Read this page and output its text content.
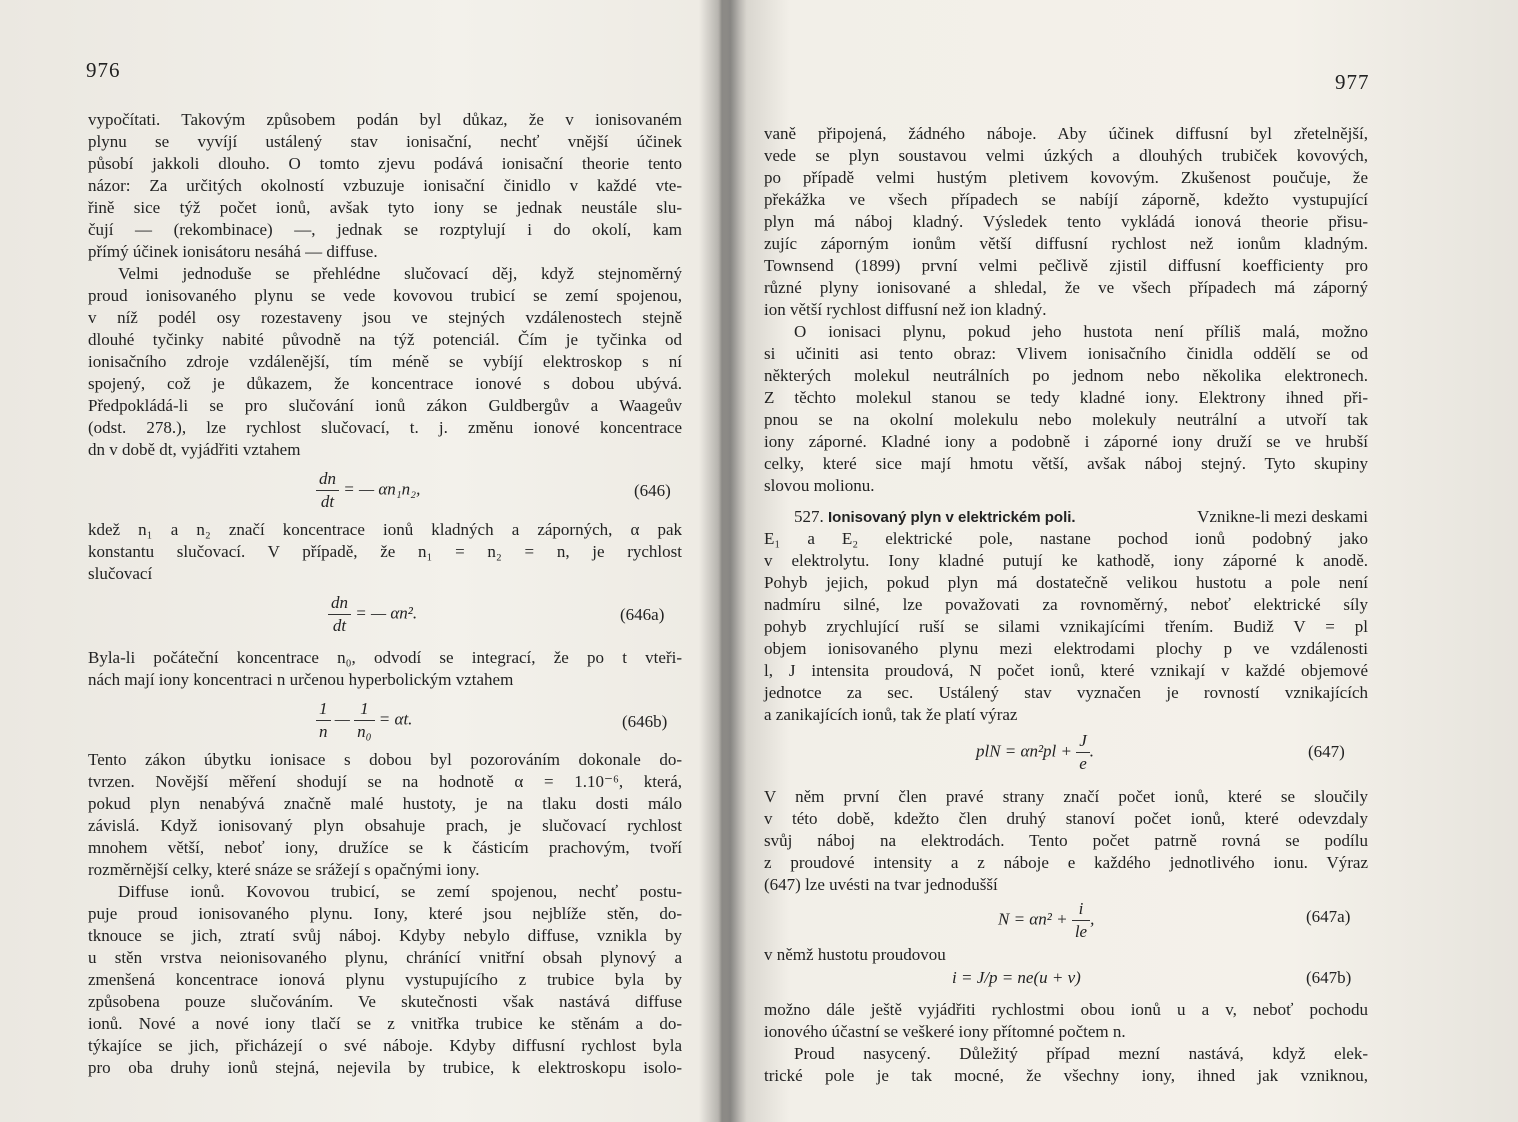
976
vypočítati. Takovým způsobem podán byl důkaz, že v ionisovaném
plynu se vyvíjí ustálený stav ionisační, nechť vnější účinek
působí jakkoli dlouho. O tomto zjevu podává ionisační theorie tento
názor: Za určitých okolností vzbuzuje ionisační činidlo v každé vte-
řině sice týž počet ionů, avšak tyto iony se jednak neustále slu-
čují — (rekombinace) —, jednak se rozptylují i do okolí, kam
přímý účinek ionisátoru nesáhá — diffuse.
Velmi jednoduše se přehlédne slučovací děj, když stejnoměrný
proud ionisovaného plynu se vede kovovou trubicí se zemí spojenou,
v níž podél osy rozestaveny jsou ve stejných vzdálenostech stejně
dlouhé tyčinky nabité původně na týž potenciál. Čím je tyčinka od
ionisačního zdroje vzdálenější, tím méně se vybíjí elektroskop s ní
spojený, což je důkazem, že koncentrace ionové s dobou ubývá.
Předpokládá-li se pro slučování ionů zákon Guldbergův a Waageův
(odst. 278.), lze rychlost slučovací, t. j. změnu ionové koncentrace
dn v době dt, vyjádřiti vztahem
$\frac{dn}{dt}$ = — αn₁n₂,	(646)
kdež n₁ a n₂ značí koncentrace ionů kladných a záporných, α pak
konstantu slučovací. V případě, že n₁ = n₂ = n, je rychlost
slučovací
$\frac{dn}{dt}$ = — αn².	(646a)
Byla-li počáteční koncentrace n₀, odvodí se integrací, že po t vteři-
nách mají iony koncentraci n určenou hyperbolickým vztahem
$\frac{1}{n}$ — $\frac{1}{\text{n₀}} = \alpha t$.	(646b)
Tento zákon úbytku ionisace s dobou byl pozorováním dokonale do-
tvrzen. Novější měření shodují se na hodnotě α = 1.10⁻⁶, která,
pokud plyn nenabývá značně malé hustoty, je na tlaku dosti málo
závislá. Když ionisovaný plyn obsahuje prach, je slučovací rychlost
mnohem větší, neboť iony, družíce se k částicím prachovým, tvoří
rozměrnější celky, které snáze se srážejí s opačnými iony.
Diffuse ionů. Kovovou trubicí, se zemí spojenou, nechť postu-
puje proud ionisovaného plynu. Iony, které jsou nejblíže stěn, do-
tknouce se jich, ztratí svůj náboj. Kdyby nebylo diffuse, vznikla by
u stěn vrstva neionisovaného plynu, chránící vnitřní obsah plynový a
zmenšená koncentrace ionová plynu vystupujícího z trubice byla by
způsobena pouze slučováním. Ve skutečnosti však nastává diffuse
ionů. Nové a nové iony tlačí se z vnitřka trubice ke stěnám a do-
týkajíce se jich, přicházejí o své náboje. Kdyby diffusní rychlost byla
pro oba druhy ionů stejná, nejevila by trubice, k elektroskopu isolo-
977
vaně připojená, žádného náboje. Aby účinek diffusní byl zřetelnější,
vede se plyn soustavou velmi úzkých a dlouhých trubiček kovových,
po případě velmi hustým pletivem kovovým. Zkušenost poučuje, že
překážka ve všech případech se nabíjí záporně, kdežto vystupující
plyn má náboj kladný. Výsledek tento vykládá ionová theorie přisu-
zujíc záporným ionům větší diffusní rychlost než ionům kladným.
Townsend (1899) první velmi pečlivě zjistil diffusní koefficienty pro
různé plyny ionisované a shledal, že ve všech případech má záporný
ion větší rychlost diffusní než ion kladný.
O ionisaci plynu, pokud jeho hustota není příliš malá, možno
si učiniti asi tento obraz: Vlivem ionisačního činidla oddělí se od
některých molekul neutrálních po jednom nebo několika elektronech.
Z těchto molekul stanou se tedy kladné iony. Elektrony ihned při-
pnou se na okolní molekulu nebo molekuly neutrální a utvoří tak
iony záporné. Kladné iony a podobně i záporné iony druží se ve hrubší
celky, které sice mají hmotu větší, avšak náboj stejný. Tyto skupiny
slovou molionu.
527. Ionisovaný plyn v elektrickém poli.	Vznikne-li mezi deskami
E₁ a E₂ elektrické pole, nastane pochod ionů podobný jako
v elektrolytu. Iony kladné putují ke kathodě, iony záporné k anodě.
Pohyb jejich, pokud plyn má dostatečně velikou hustotu a pole není
nadmíru silné, lze považovati za rovnoměrný, neboť elektrické síly
pohyb zrychlující ruší se silami vznikajícími třením. Budiž V = pl
objem ionisovaného plynu mezi elektrodami plochy p ve vzdálenosti
l, J intensita proudová, N počet ionů, které vznikají v každé objemové
jednotce za sec. Ustálený stav vyznačen je rovností vznikajících
a zanikajících ionů, tak že platí výraz
plN = $\alpha n^2pl + \frac{J}{e}$ .	(647)
V něm první člen pravé strany značí počet ionů, které se sloučily
v této době, kdežto člen druhý stanoví počet ionů, které odevzdaly
svůj náboj na elektrodách. Tento počet patrně rovná se podílu
z proudové intensity a z náboje e každého jednotlivého ionu. Výraz
(647) lze uvésti na tvar jednodušší
$N = \alpha n^2 + \frac{i}{le}$ ,	(647a)
v němž hustotu proudovou
i = J/p = ne(u + v)	(647b)
možno dále ještě vyjádřiti rychlostmi obou ionů u a v, neboť pochodu
ionového účastní se veškeré iony přítomné počtem n.
Proud nasycený. Důležitý případ mezní nastává, když elek-
trické pole je tak mocné, že všechny iony, ihned jak vzniknou,
